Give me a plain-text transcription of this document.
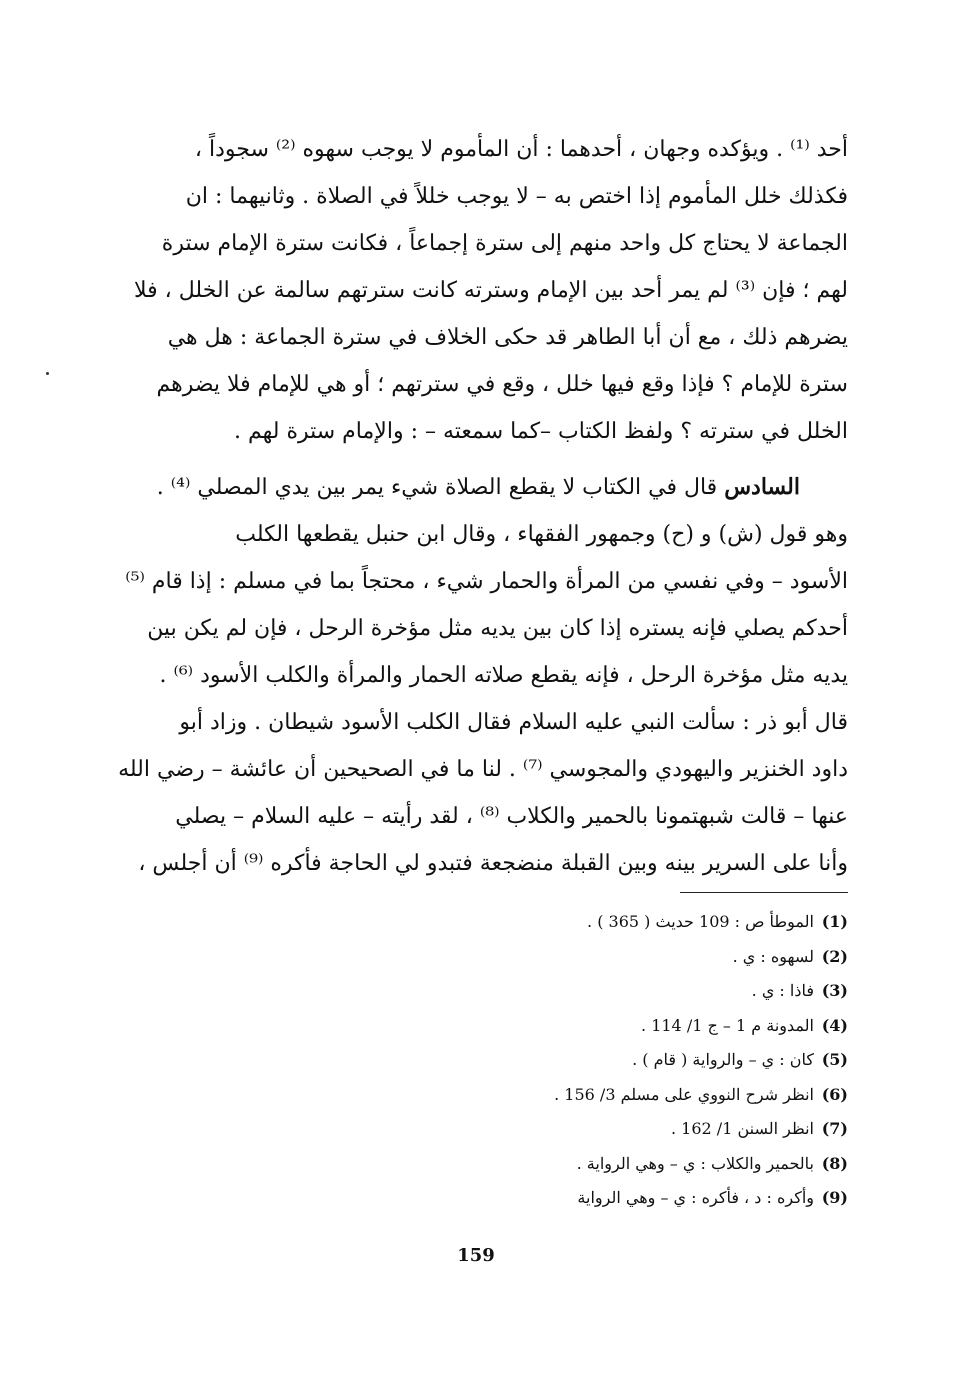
أحد ⁽¹⁾ . ويؤكده وجهان ، أحدهما : أن المأموم لا يوجب سهوه ⁽²⁾ سجوداً ،
فكذلك خلل المأموم إذا اختص به – لا يوجب خللاً في الصلاة . وثانيهما : ان
الجماعة لا يحتاج كل واحد منهم إلى سترة إجماعاً ، فكانت سترة الإمام سترة
لهم ؛ فإن ⁽³⁾ لم يمر أحد بين الإمام وسترته كانت سترتهم سالمة عن الخلل ، فلا
يضرهم ذلك ، مع أن أبا الطاهر قد حكى الخلاف في سترة الجماعة : هل هي
سترة للإمام ؟ فإذا وقع فيها خلل ، وقع في سترتهم ؛ أو هي للإمام فلا يضرهم
الخلل في سترته ؟ ولفظ الكتاب –كما سمعته – : والإمام سترة لهم .
السادس قال في الكتاب لا يقطع الصلاة شيء يمر بين يدي المصلي ⁽⁴⁾ .
وهو قول (ش) و (ح) وجمهور الفقهاء ، وقال ابن حنبل يقطعها الكلب
الأسود – وفي نفسي من المرأة والحمار شيء ، محتجاً بما في مسلم : إذا قام ⁽⁵⁾
أحدكم يصلي فإنه يستره إذا كان بين يديه مثل مؤخرة الرحل ، فإن لم يكن بين
يديه مثل مؤخرة الرحل ، فإنه يقطع صلاته الحمار والمرأة والكلب الأسود ⁽⁶⁾ .
قال أبو ذر : سألت النبي عليه السلام فقال الكلب الأسود شيطان . وزاد أبو
داود الخنزير واليهودي والمجوسي ⁽⁷⁾ . لنا ما في الصحيحين أن عائشة – رضي الله
عنها – قالت شبهتمونا بالحمير والكلاب ⁽⁸⁾ ، لقد رأيته – عليه السلام – يصلي
وأنا على السرير بينه وبين القبلة منضجعة فتبدو لي الحاجة فأكره ⁽⁹⁾ أن أجلس ،
(1)الموطأ ص : 109 حديث ( 365 ) .
(2)لسهوه : ي .
(3)فاذا : ي .
(4)المدونة م 1 – ج 1/ 114 .
(5)كان : ي – والرواية ( قام ) .
(6)انظر شرح النووي على مسلم 3/ 156 .
(7)انظر السنن 1/ 162 .
(8)بالحمير والكلاب : ي – وهي الرواية .
(9)وأكره : د ، فأكره : ي – وهي الرواية
159
